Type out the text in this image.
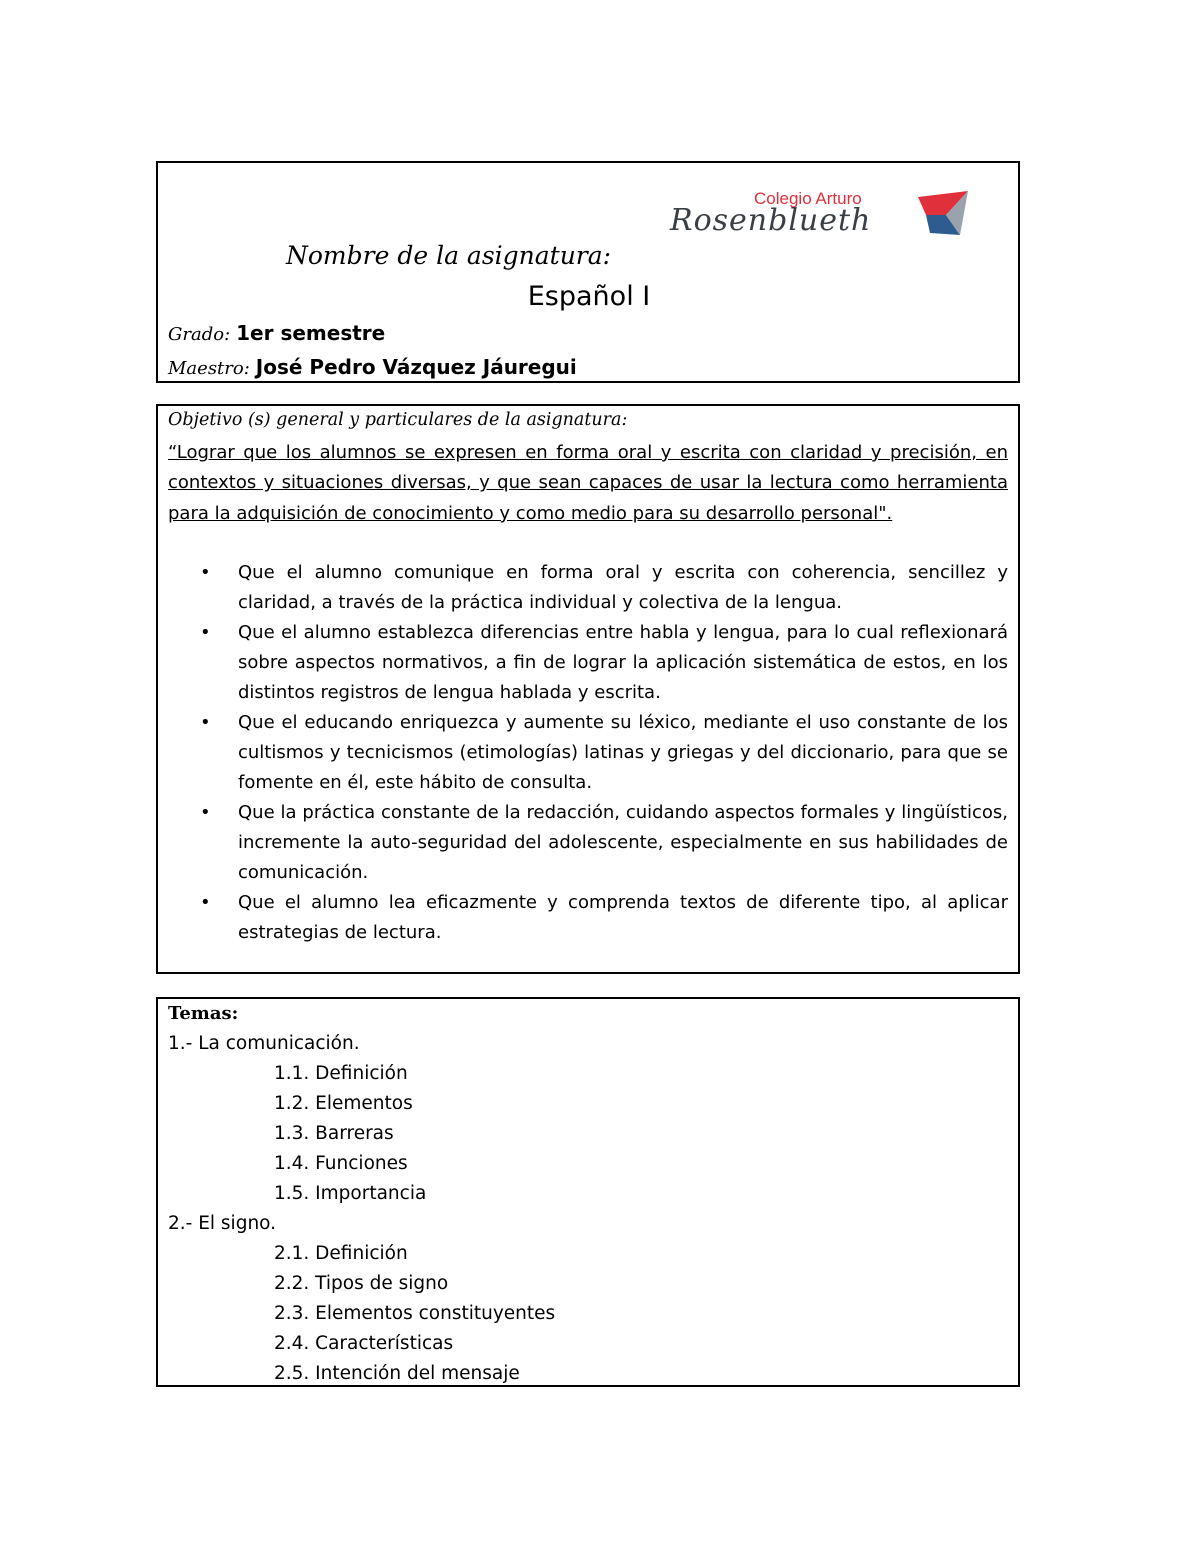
Colegio Arturo
Rosenblueth
Nombre de la asignatura:
Español I
Grado: 1er semestre
Maestro: José Pedro Vázquez Jáuregui
Objetivo (s) general y particulares de la asignatura:
“Lograr que los alumnos se expresen en forma oral y escrita con claridad y precisión, en contextos y situaciones diversas, y que sean capaces de usar la lectura como herramienta para la adquisición de conocimiento y como medio para su desarrollo personal".
• Que el alumno comunique en forma oral y escrita con coherencia, sencillez y claridad, a través de la práctica individual y colectiva de la lengua.
• Que el alumno establezca diferencias entre habla y lengua, para lo cual reflexionará sobre aspectos normativos, a fin de lograr la aplicación sistemática de estos, en los distintos registros de lengua hablada y escrita.
• Que el educando enriquezca y aumente su léxico, mediante el uso constante de los cultismos y tecnicismos (etimologías) latinas y griegas y del diccionario, para que se fomente en él, este hábito de consulta.
• Que la práctica constante de la redacción, cuidando aspectos formales y lingüísticos, incremente la auto-seguridad del adolescente, especialmente en sus habilidades de comunicación.
• Que el alumno lea eficazmente y comprenda textos de diferente tipo, al aplicar estrategias de lectura.
Temas:
1.- La comunicación.
1.1. Definición
1.2. Elementos
1.3. Barreras
1.4. Funciones
1.5. Importancia
2.- El signo.
2.1. Definición
2.2. Tipos de signo
2.3. Elementos constituyentes
2.4. Características
2.5. Intención del mensaje
